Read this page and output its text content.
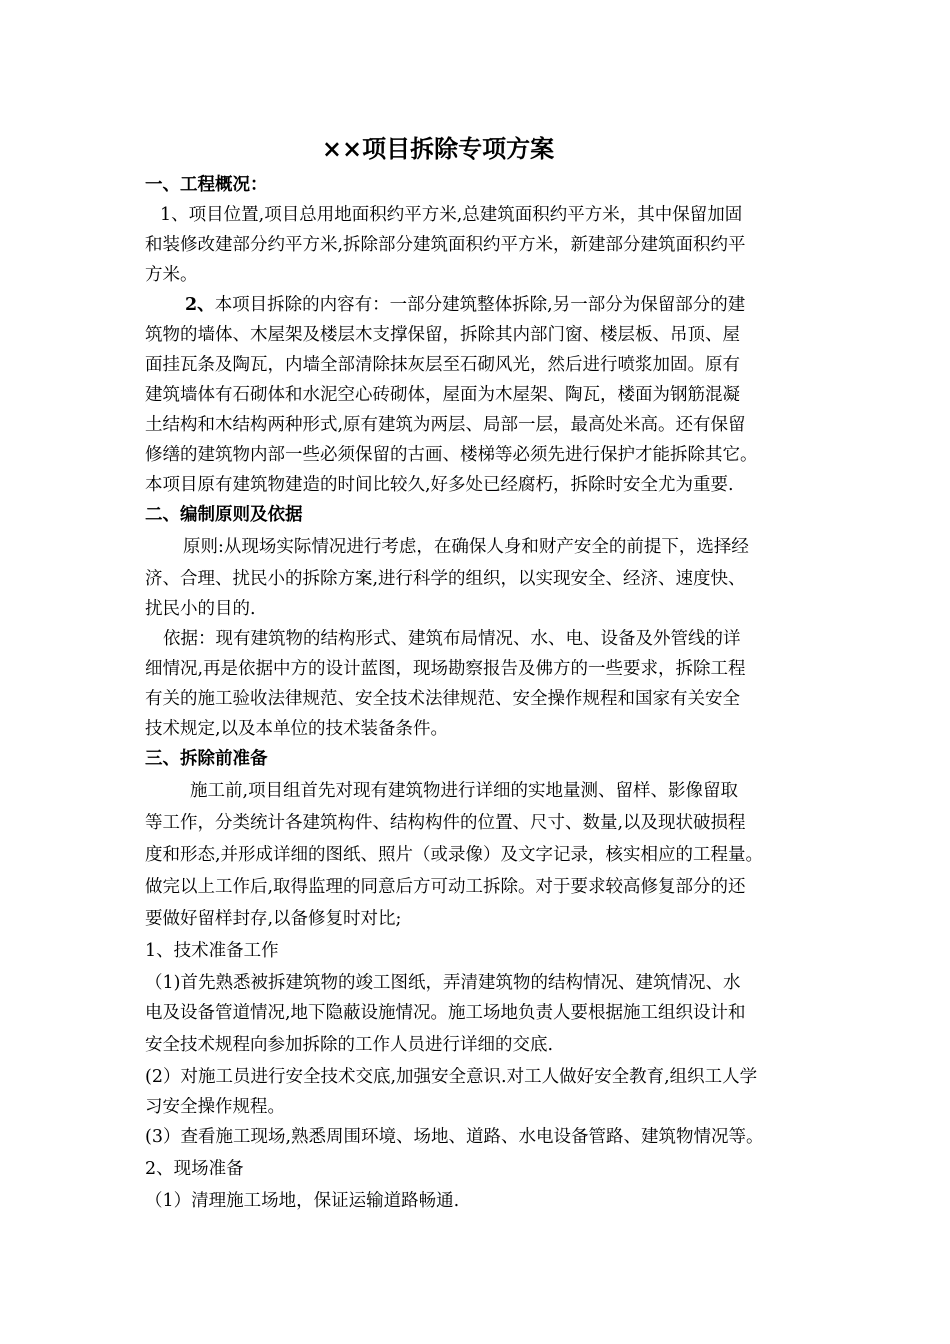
××项目拆除专项方案
一、工程概况：
1、项目位置,项目总用地面积约平方米,总建筑面积约平方米，其中保留加固
和装修改建部分约平方米,拆除部分建筑面积约平方米，新建部分建筑面积约平
方米。
2、本项目拆除的内容有：一部分建筑整体拆除,另一部分为保留部分的建
筑物的墙体、木屋架及楼层木支撑保留，拆除其内部门窗、楼层板、吊顶、屋
面挂瓦条及陶瓦，内墙全部清除抹灰层至石砌风光，然后进行喷浆加固。原有
建筑墙体有石砌体和水泥空心砖砌体，屋面为木屋架、陶瓦，楼面为钢筋混凝
土结构和木结构两种形式,原有建筑为两层、局部一层，最高处米高。还有保留
修缮的建筑物内部一些必须保留的古画、楼梯等必须先进行保护才能拆除其它。
本项目原有建筑物建造的时间比较久,好多处已经腐朽，拆除时安全尤为重要.
二、编制原则及依据
原则:从现场实际情况进行考虑，在确保人身和财产安全的前提下，选择经
济、合理、扰民小的拆除方案,进行科学的组织，以实现安全、经济、速度快、
扰民小的目的.
依据：现有建筑物的结构形式、建筑布局情况、水、电、设备及外管线的详
细情况,再是依据中方的设计蓝图，现场勘察报告及佛方的一些要求，拆除工程
有关的施工验收法律规范、安全技术法律规范、安全操作规程和国家有关安全
技术规定,以及本单位的技术装备条件。
三、拆除前准备
施工前,项目组首先对现有建筑物进行详细的实地量测、留样、影像留取
等工作，分类统计各建筑构件、结构构件的位置、尺寸、数量,以及现状破损程
度和形态,并形成详细的图纸、照片（或录像）及文字记录，核实相应的工程量。
做完以上工作后,取得监理的同意后方可动工拆除。对于要求较高修复部分的还
要做好留样封存,以备修复时对比;
1、技术准备工作
（1)首先熟悉被拆建筑物的竣工图纸，弄清建筑物的结构情况、建筑情况、水
电及设备管道情况,地下隐蔽设施情况。施工场地负责人要根据施工组织设计和
安全技术规程向参加拆除的工作人员进行详细的交底.
(2）对施工员进行安全技术交底,加强安全意识.对工人做好安全教育,组织工人学
习安全操作规程。
(3）查看施工现场,熟悉周围环境、场地、道路、水电设备管路、建筑物情况等。
2、现场准备
（1）清理施工场地，保证运输道路畅通.
